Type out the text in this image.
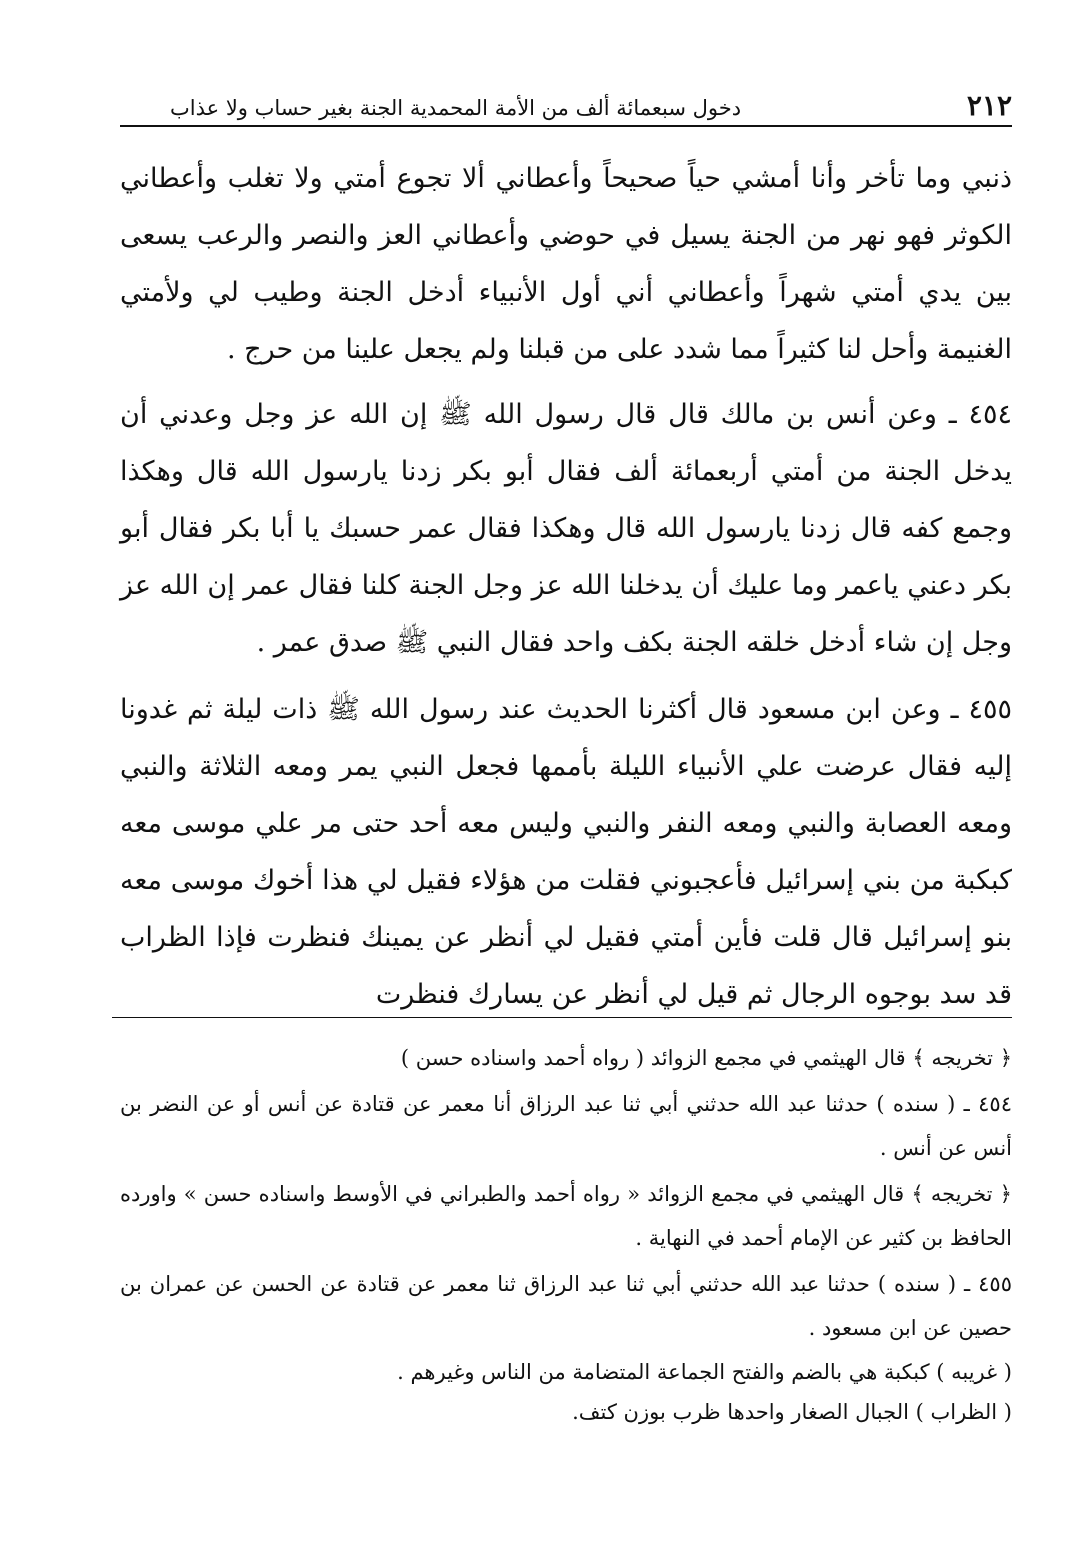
٢١٢
دخول سبعمائة ألف من الأمة المحمدية الجنة بغير حساب ولا عذاب

ذنبي وما تأخر وأنا أمشي حياً صحيحاً وأعطاني ألا تجوع أمتي ولا تغلب وأعطاني الكوثر فهو نهر من الجنة يسيل في حوضي وأعطاني العز والنصر والرعب يسعى بين يدي أمتي شهراً وأعطاني أني أول الأنبياء أدخل الجنة وطيب لي ولأمتي الغنيمة وأحل لنا كثيراً مما شدد على من قبلنا ولم يجعل علينا من حرج .

٤٥٤ ـ وعن أنس بن مالك قال قال رسول الله ﷺ إن الله عز وجل وعدني أن يدخل الجنة من أمتي أربعمائة ألف فقال أبو بكر زدنا يارسول الله قال وهكذا وجمع كفه قال زدنا يارسول الله قال وهكذا فقال عمر حسبك يا أبا بكر فقال أبو بكر دعني ياعمر وما عليك أن يدخلنا الله عز وجل الجنة كلنا فقال عمر إن الله عز وجل إن شاء أدخل خلقه الجنة بكف واحد فقال النبي ﷺ صدق عمر .

٤٥٥ ـ وعن ابن مسعود قال أكثرنا الحديث عند رسول الله ﷺ ذات ليلة ثم غدونا إليه فقال عرضت علي الأنبياء الليلة بأممها فجعل النبي يمر ومعه الثلاثة والنبي ومعه العصابة والنبي ومعه النفر والنبي وليس معه أحد حتى مر علي موسى معه كبكبة من بني إسرائيل فأعجبوني فقلت من هؤلاء فقيل لي هذا أخوك موسى معه بنو إسرائيل قال قلت فأين أمتي فقيل لي أنظر عن يمينك فنظرت فإذا الظراب قد سد بوجوه الرجال ثم قيل لي أنظر عن يسارك فنظرت

﴿ تخريجه ﴾ قال الهيثمي في مجمع الزوائد ( رواه أحمد واسناده حسن )

٤٥٤ ـ ( سنده ) حدثنا عبد الله حدثني أبي ثنا عبد الرزاق أنا معمر عن قتادة عن أنس أو عن النضر بن أنس عن أنس .

﴿ تخريجه ﴾ قال الهيثمي في مجمع الزوائد « رواه أحمد والطبراني في الأوسط واسناده حسن » واورده الحافظ بن كثير عن الإمام أحمد في النهاية .

٤٥٥ ـ ( سنده ) حدثنا عبد الله حدثني أبي ثنا عبد الرزاق ثنا معمر عن قتادة عن الحسن عن عمران بن حصين عن ابن مسعود .

( غريبه ) كبكبة هي بالضم والفتح الجماعة المتضامة من الناس وغيرهم .

( الظراب ) الجبال الصغار واحدها ظرب بوزن كتف.
